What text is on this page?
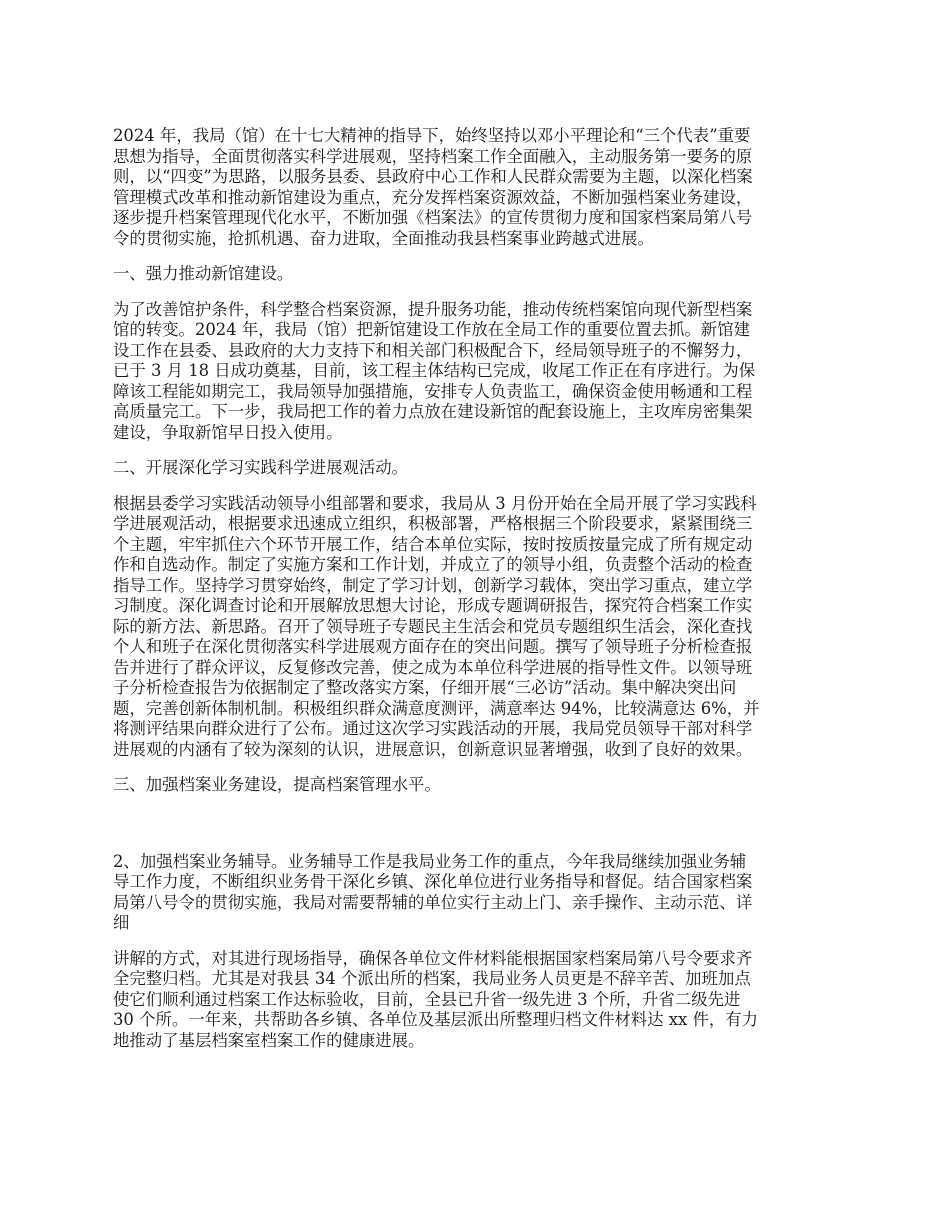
2024 年，我局（馆）在十七大精神的指导下，始终坚持以邓小平理论和“三个代表”重要
思想为指导，全面贯彻落实科学进展观，坚持档案工作全面融入，主动服务第一要务的原
则，以“四变”为思路，以服务县委、县政府中心工作和人民群众需要为主题，以深化档案
管理模式改革和推动新馆建设为重点，充分发挥档案资源效益，不断加强档案业务建设，
逐步提升档案管理现代化水平，不断加强《档案法》的宣传贯彻力度和国家档案局第八号
令的贯彻实施，抢抓机遇、奋力进取，全面推动我县档案事业跨越式进展。

一、强力推动新馆建设。

为了改善馆护条件，科学整合档案资源，提升服务功能，推动传统档案馆向现代新型档案
馆的转变。2024 年，我局（馆）把新馆建设工作放在全局工作的重要位置去抓。新馆建
设工作在县委、县政府的大力支持下和相关部门积极配合下，经局领导班子的不懈努力，
已于 3 月 18 日成功奠基，目前，该工程主体结构已完成，收尾工作正在有序进行。为保
障该工程能如期完工，我局领导加强措施，安排专人负责监工，确保资金使用畅通和工程
高质量完工。下一步，我局把工作的着力点放在建设新馆的配套设施上，主攻库房密集架
建设，争取新馆早日投入使用。

二、开展深化学习实践科学进展观活动。

根据县委学习实践活动领导小组部署和要求，我局从 3 月份开始在全局开展了学习实践科
学进展观活动，根据要求迅速成立组织，积极部署，严格根据三个阶段要求，紧紧围绕三
个主题，牢牢抓住六个环节开展工作，结合本单位实际，按时按质按量完成了所有规定动
作和自选动作。制定了实施方案和工作计划，并成立了的领导小组，负责整个活动的检查
指导工作。坚持学习贯穿始终，制定了学习计划，创新学习载体，突出学习重点，建立学
习制度。深化调查讨论和开展解放思想大讨论，形成专题调研报告，探究符合档案工作实
际的新方法、新思路。召开了领导班子专题民主生活会和党员专题组织生活会，深化查找
个人和班子在深化贯彻落实科学进展观方面存在的突出问题。撰写了领导班子分析检查报
告并进行了群众评议，反复修改完善，使之成为本单位科学进展的指导性文件。以领导班
子分析检查报告为依据制定了整改落实方案，仔细开展“三必访”活动。集中解决突出问
题，完善创新体制机制。积极组织群众满意度测评，满意率达 94%，比较满意达 6%，并
将测评结果向群众进行了公布。通过这次学习实践活动的开展，我局党员领导干部对科学
进展观的内涵有了较为深刻的认识，进展意识，创新意识显著增强，收到了良好的效果。

三、加强档案业务建设，提高档案管理水平。

2、加强档案业务辅导。业务辅导工作是我局业务工作的重点，今年我局继续加强业务辅
导工作力度，不断组织业务骨干深化乡镇、深化单位进行业务指导和督促。结合国家档案
局第八号令的贯彻实施，我局对需要帮辅的单位实行主动上门、亲手操作、主动示范、详
细

讲解的方式，对其进行现场指导，确保各单位文件材料能根据国家档案局第八号令要求齐
全完整归档。尤其是对我县 34 个派出所的档案，我局业务人员更是不辞辛苦、加班加点
使它们顺利通过档案工作达标验收，目前，全县已升省一级先进 3 个所，升省二级先进
30 个所。一年来，共帮助各乡镇、各单位及基层派出所整理归档文件材料达 xx 件，有力
地推动了基层档案室档案工作的健康进展。
